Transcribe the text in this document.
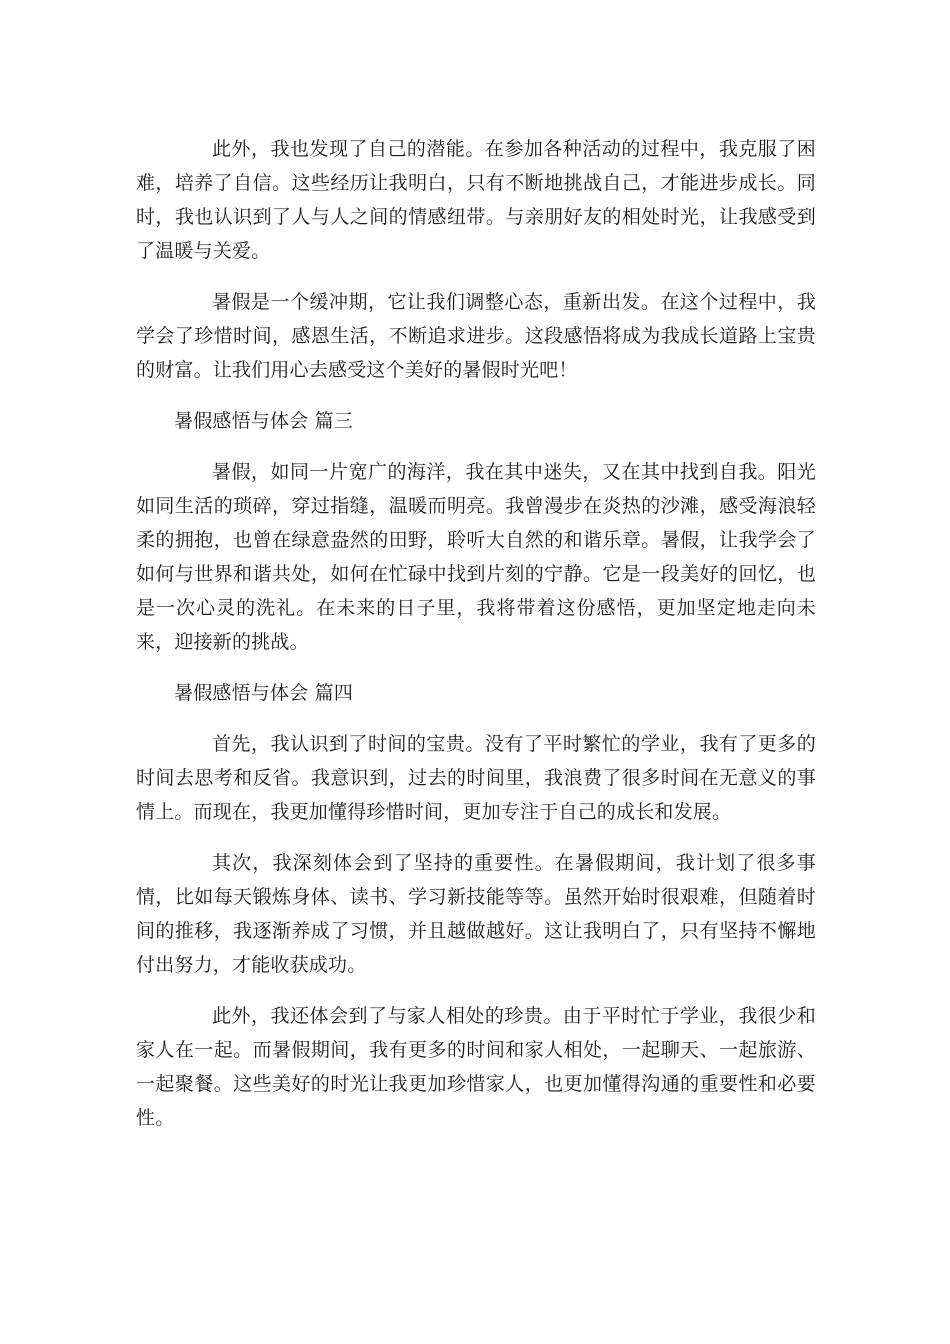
此外，我也发现了自己的潜能。在参加各种活动的过程中，我克服了困难，培养了自信。这些经历让我明白，只有不断地挑战自己，才能进步成长。同时，我也认识到了人与人之间的情感纽带。与亲朋好友的相处时光，让我感受到了温暖与关爱。

暑假是一个缓冲期，它让我们调整心态，重新出发。在这个过程中，我学会了珍惜时间，感恩生活，不断追求进步。这段感悟将成为我成长道路上宝贵的财富。让我们用心去感受这个美好的暑假时光吧！

暑假感悟与体会 篇三

暑假，如同一片宽广的海洋，我在其中迷失，又在其中找到自我。阳光如同生活的琐碎，穿过指缝，温暖而明亮。我曾漫步在炎热的沙滩，感受海浪轻柔的拥抱，也曾在绿意盎然的田野，聆听大自然的和谐乐章。暑假，让我学会了如何与世界和谐共处，如何在忙碌中找到片刻的宁静。它是一段美好的回忆，也是一次心灵的洗礼。在未来的日子里，我将带着这份感悟，更加坚定地走向未来，迎接新的挑战。

暑假感悟与体会 篇四

首先，我认识到了时间的宝贵。没有了平时繁忙的学业，我有了更多的时间去思考和反省。我意识到，过去的时间里，我浪费了很多时间在无意义的事情上。而现在，我更加懂得珍惜时间，更加专注于自己的成长和发展。

其次，我深刻体会到了坚持的重要性。在暑假期间，我计划了很多事情，比如每天锻炼身体、读书、学习新技能等等。虽然开始时很艰难，但随着时间的推移，我逐渐养成了习惯，并且越做越好。这让我明白了，只有坚持不懈地付出努力，才能收获成功。

此外，我还体会到了与家人相处的珍贵。由于平时忙于学业，我很少和家人在一起。而暑假期间，我有更多的时间和家人相处，一起聊天、一起旅游、一起聚餐。这些美好的时光让我更加珍惜家人，也更加懂得沟通的重要性和必要性。
